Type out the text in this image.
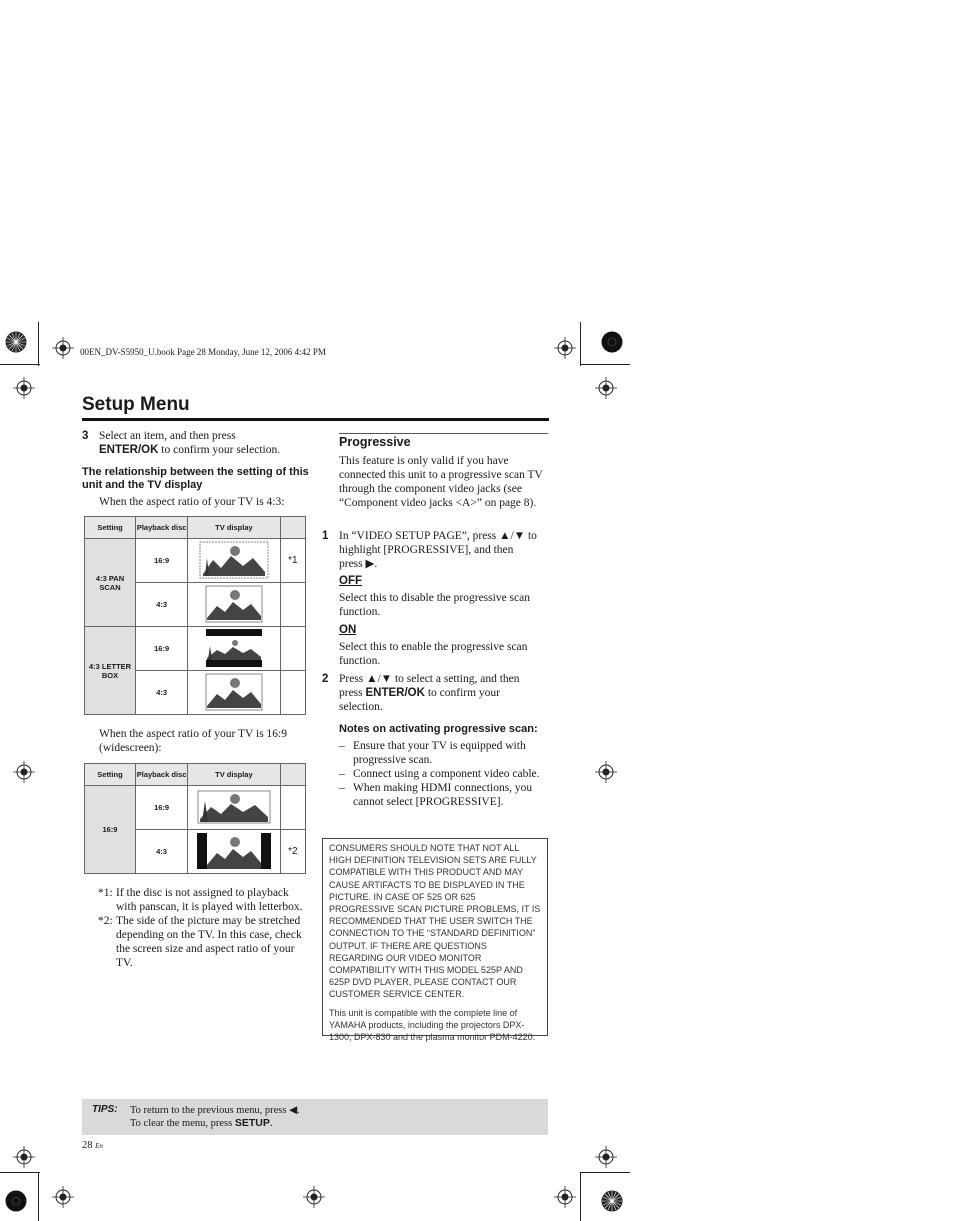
00EN_DV-S5950_U.book Page 28 Monday, June 12, 2006 4:42 PM
Setup Menu
3 Select an item, and then press
ENTER/OK to confirm your selection.
The relationship between the setting of this unit and the TV display
When the aspect ratio of your TV is 4:3:
Setting	Playback disc	TV display	
4:3 PAN SCAN	16:9		*1
	4:3		
4:3 LETTER BOX	16:9		
	4:3		
When the aspect ratio of your TV is 16:9 (widescreen):
Setting	Playback disc	TV display	
16:9	16:9		
	4:3		*2
*1: If the disc is not assigned to playback with panscan, it is played with letterbox.
*2: The side of the picture may be stretched depending on the TV. In this case, check the screen size and aspect ratio of your TV.
Progressive
This feature is only valid if you have connected this unit to a progressive scan TV through the component video jacks (see “Component video jacks <A>” on page 8).
1 In “VIDEO SETUP PAGE”, press ▲/▼ to highlight [PROGRESSIVE], and then press ▶.
OFF
Select this to disable the progressive scan function.
ON
Select this to enable the progressive scan function.
2 Press ▲/▼ to select a setting, and then press ENTER/OK to confirm your selection.
Notes on activating progressive scan:
– Ensure that your TV is equipped with progressive scan.
– Connect using a component video cable.
– When making HDMI connections, you cannot select [PROGRESSIVE].
CONSUMERS SHOULD NOTE THAT NOT ALL HIGH DEFINITION TELEVISION SETS ARE FULLY COMPATIBLE WITH THIS PRODUCT AND MAY CAUSE ARTIFACTS TO BE DISPLAYED IN THE PICTURE. IN CASE OF 525 OR 625 PROGRESSIVE SCAN PICTURE PROBLEMS, IT IS RECOMMENDED THAT THE USER SWITCH THE CONNECTION TO THE “STANDARD DEFINITION” OUTPUT. IF THERE ARE QUESTIONS REGARDING OUR VIDEO MONITOR COMPATIBILITY WITH THIS MODEL 525P AND 625P DVD PLAYER, PLEASE CONTACT OUR CUSTOMER SERVICE CENTER.
This unit is compatible with the complete line of YAMAHA products, including the projectors DPX-1300, DPX-830 and the plasma monitor PDM-4220.
TIPS: To return to the previous menu, press ◀.
To clear the menu, press SETUP.
28 En
